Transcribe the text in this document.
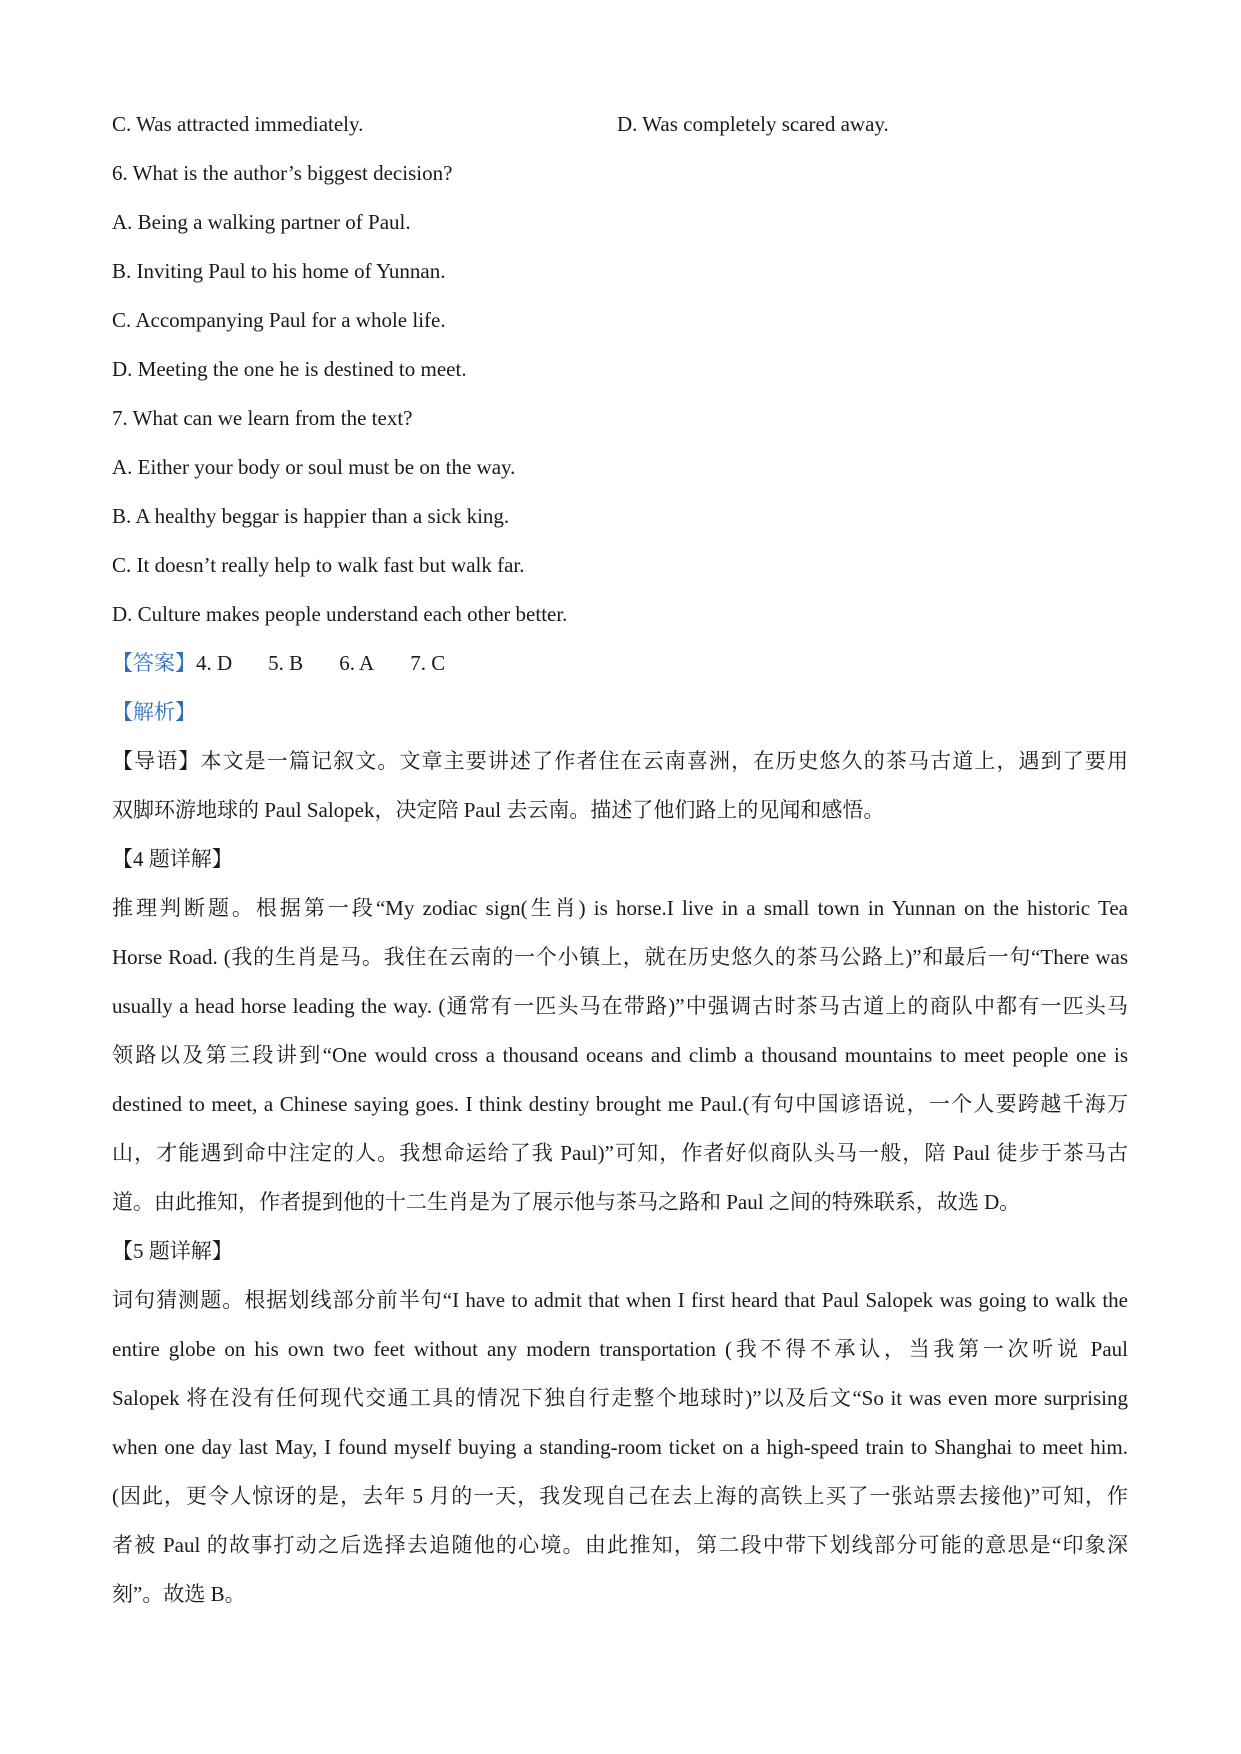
C. Was attracted immediately.	D. Was completely scared away.
6. What is the author’s biggest decision?
A. Being a walking partner of Paul.
B. Inviting Paul to his home of Yunnan.
C. Accompanying Paul for a whole life.
D. Meeting the one he is destined to meet.
7. What can we learn from the text?
A. Either your body or soul must be on the way.
B. A healthy beggar is happier than a sick king.
C. It doesn’t really help to walk fast but walk far.
D. Culture makes people understand each other better.
【答案】4. D 5. B 6. A 7. C
【解析】
【导语】本文是一篇记叙文。文章主要讲述了作者住在云南喜洲，在历史悠久的茶马古道上，遇到了要用
双脚环游地球的 Paul Salopek，决定陪 Paul 去云南。描述了他们路上的见闻和感悟。
【4 题详解】
推理判断题。根据第一段“My zodiac sign(生肖) is horse.I live in a small town in Yunnan on the historic Tea
Horse Road. (我的生肖是马。我住在云南的一个小镇上，就在历史悠久的茶马公路上)”和最后一句“There was
usually a head horse leading the way. (通常有一匹头马在带路)”中强调古时茶马古道上的商队中都有一匹头马
领路以及第三段讲到“One would cross a thousand oceans and climb a thousand mountains to meet people one is
destined to meet, a Chinese saying goes. I think destiny brought me Paul.(有句中国谚语说，一个人要跨越千海万
山，才能遇到命中注定的人。我想命运给了我 Paul)”可知，作者好似商队头马一般，陪 Paul 徒步于茶马古
道。由此推知，作者提到他的十二生肖是为了展示他与茶马之路和 Paul 之间的特殊联系，故选 D。
【5 题详解】
词句猜测题。根据划线部分前半句“I have to admit that when I first heard that Paul Salopek was going to walk the
entire globe on his own two feet without any modern transportation (我不得不承认，当我第一次听说 Paul
Salopek 将在没有任何现代交通工具的情况下独自行走整个地球时)”以及后文“So it was even more surprising
when one day last May, I found myself buying a standing-room ticket on a high-speed train to Shanghai to meet him.
(因此，更令人惊讶的是，去年 5 月的一天，我发现自己在去上海的高铁上买了一张站票去接他)”可知，作
者被 Paul 的故事打动之后选择去追随他的心境。由此推知，第二段中带下划线部分可能的意思是“印象深
刻”。故选 B。
